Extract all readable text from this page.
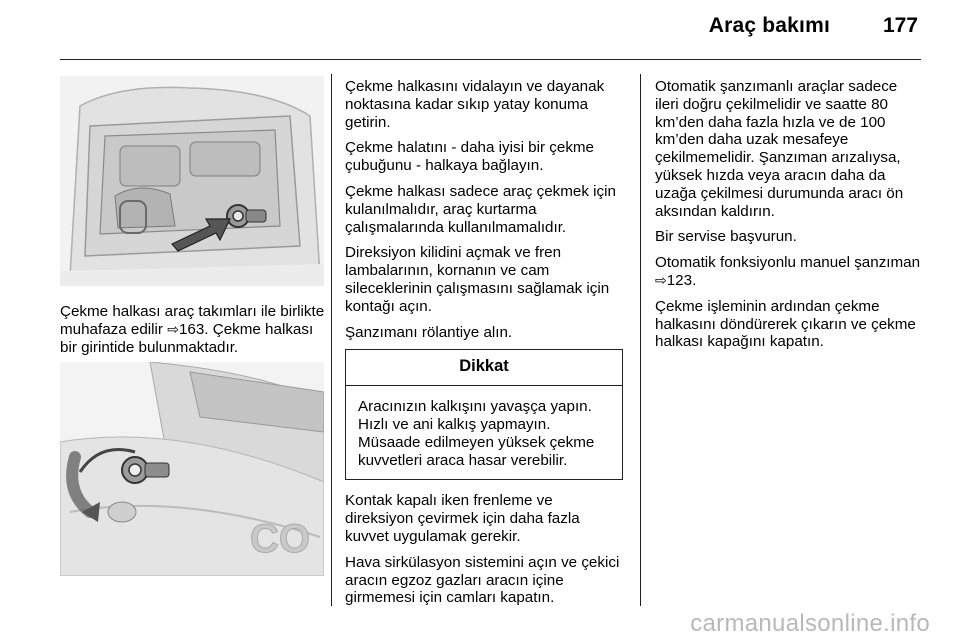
Araç bakımı	177

Çekme halkası araç takımları ile birlikte muhafaza edilir ⇨163. Çekme halkası bir girintide bulunmaktadır.

CO

Çekme halkasını vidalayın ve dayanak noktasına kadar sıkıp yatay konuma getirin.

Çekme halatını - daha iyisi bir çekme çubuğunu - halkaya bağlayın.

Çekme halkası sadece araç çekmek için kulanılmalıdır, araç kurtarma çalışmalarında kullanılmamalıdır.

Direksiyon kilidini açmak ve fren lambalarının, kornanın ve cam sileceklerinin çalışmasını sağlamak için kontağı açın.

Şanzımanı rölantiye alın.

Dikkat
Aracınızın kalkışını yavaşça yapın. Hızlı ve ani kalkış yapmayın. Müsaade edilmeyen yüksek çekme kuvvetleri araca hasar verebilir.

Kontak kapalı iken frenleme ve direksiyon çevirmek için daha fazla kuvvet uygulamak gerekir.

Hava sirkülasyon sistemini açın ve çekici aracın egzoz gazları aracın içine girmemesi için camları kapatın.

Otomatik şanzımanlı araçlar sadece ileri doğru çekilmelidir ve saatte 80 km’den daha fazla hızla ve de 100 km’den daha uzak mesafeye çekilmemelidir. Şanzıman arızalıysa, yüksek hızda veya aracın daha da uzağa çekilmesi durumunda aracı ön aksından kaldırın.

Bir servise başvurun.

Otomatik fonksiyonlu manuel şanzıman ⇨123.

Çekme işleminin ardından çekme halkasını döndürerek çıkarın ve çekme halkası kapağını kapatın.

carmanualsonline.info
